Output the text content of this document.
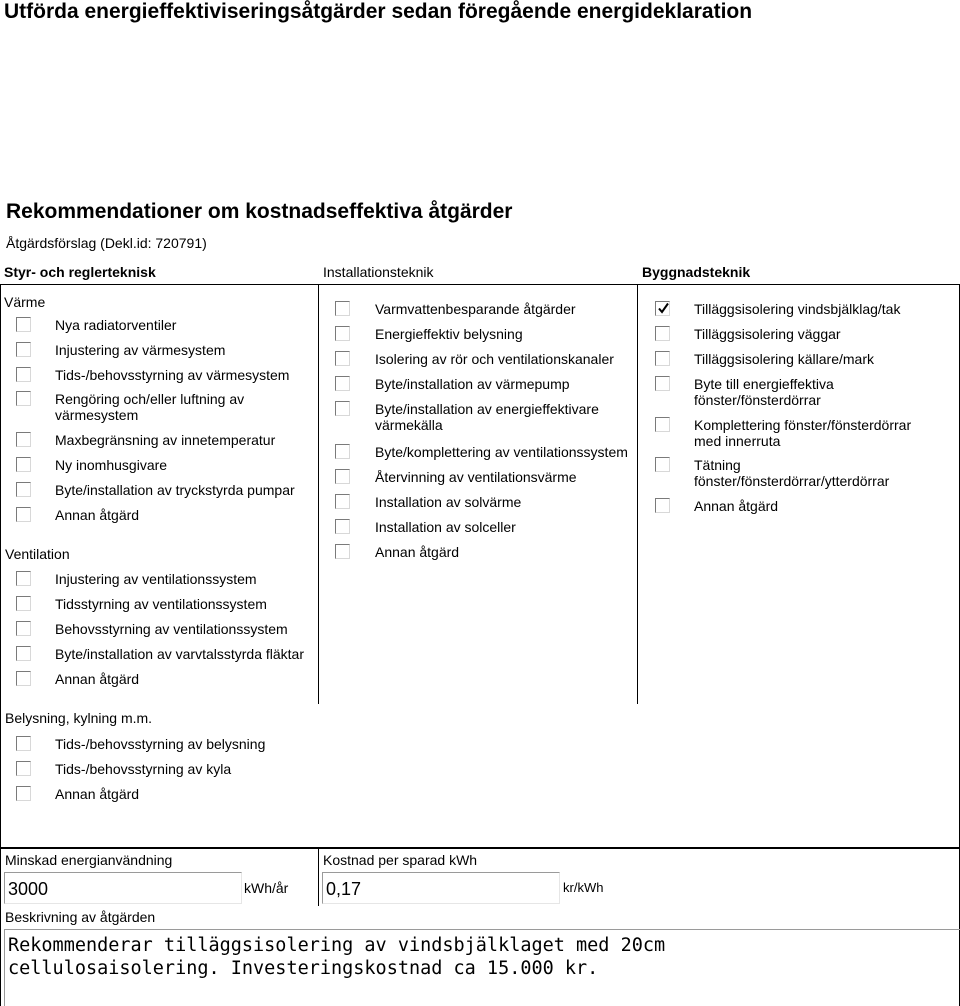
Utförda energieffektiviseringsåtgärder sedan föregående energideklaration
Rekommendationer om kostnadseffektiva åtgärder
Åtgärdsförslag (Dekl.id: 720791)
Styr- och reglerteknisk	Installationsteknik	Byggnadsteknik
Värme
Ventilation
Belysning, kylning m.m.
Nya radiatorventiler
Injustering av värmesystem
Tids-/behovsstyrning av värmesystem
Rengöring och/eller luftning av
värmesystem
Maxbegränsning av innetemperatur
Ny inomhusgivare
Byte/installation av tryckstyrda pumpar
Annan åtgärd
Injustering av ventilationssystem
Tidsstyrning av ventilationssystem
Behovsstyrning av ventilationssystem
Byte/installation av varvtalsstyrda fläktar
Annan åtgärd
Tids-/behovsstyrning av belysning
Tids-/behovsstyrning av kyla
Annan åtgärd
Varmvattenbesparande åtgärder
Energieffektiv belysning
Isolering av rör och ventilationskanaler
Byte/installation av värmepump
Byte/installation av energieffektivare
värmekälla
Byte/komplettering av ventilationssystem
Återvinning av ventilationsvärme
Installation av solvärme
Installation av solceller
Annan åtgärd
Tilläggsisolering vindsbjälklag/tak
Tilläggsisolering väggar
Tilläggsisolering källare/mark
Byte till energieffektiva
fönster/fönsterdörrar
Komplettering fönster/fönsterdörrar
med innerruta
Tätning
fönster/fönsterdörrar/ytterdörrar
Annan åtgärd
Minskad energianvändning
3000	kWh/år
Kostnad per sparad kWh
0,17	kr/kWh
Beskrivning av åtgärden
Rekommenderar tilläggsisolering av vindsbjälklaget med 20cm
cellulosaisolering. Investeringskostnad ca 15.000 kr.
